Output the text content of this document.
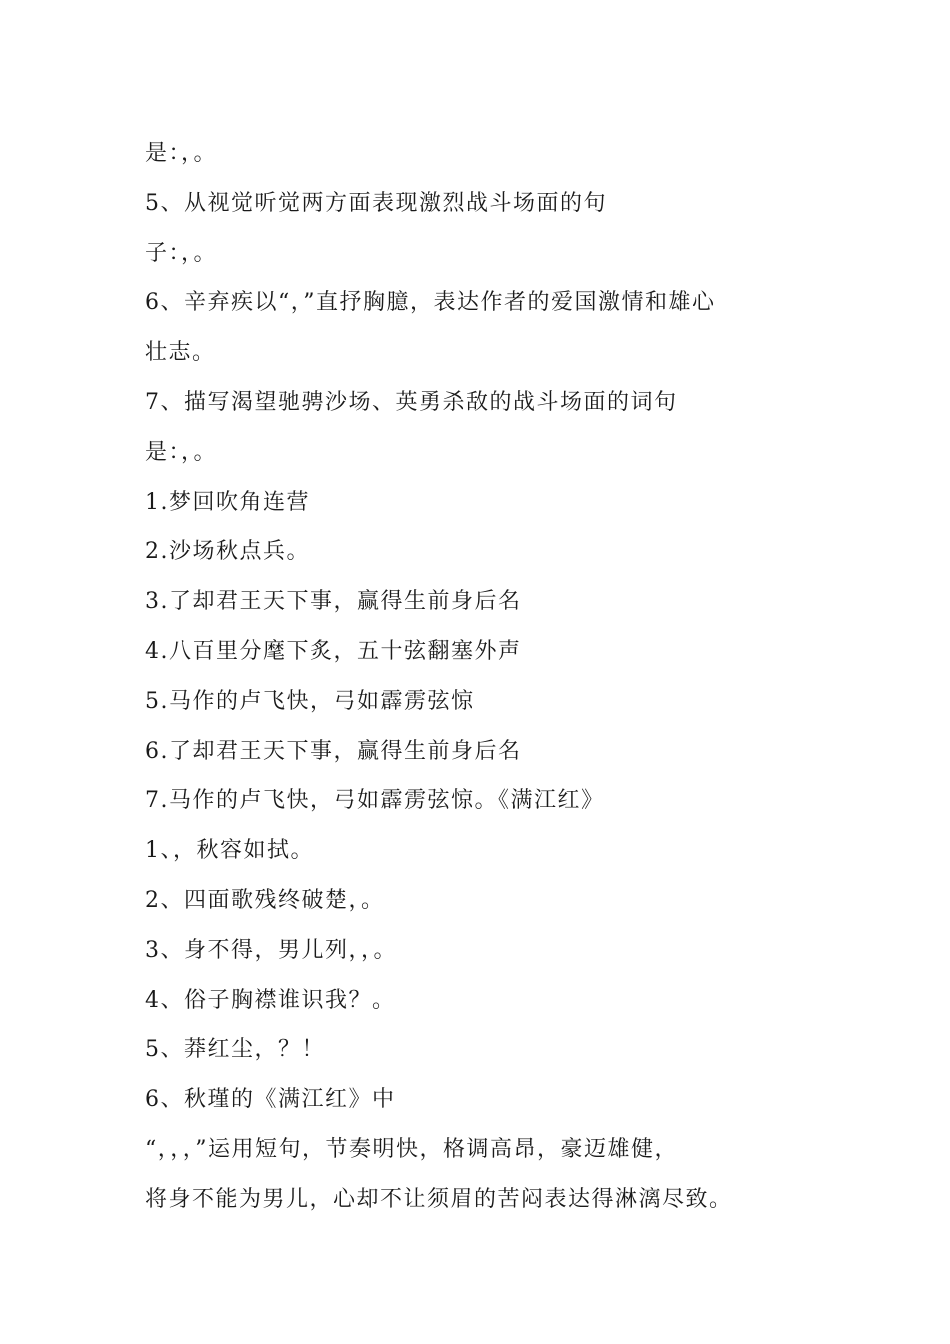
是：，。
5、从视觉听觉两方面表现激烈战斗场面的句
子：，。
6、辛弃疾以“，”直抒胸臆，表达作者的爱国激情和雄心
壮志。
7、描写渴望驰骋沙场、英勇杀敌的战斗场面的词句
是：，。
1.梦回吹角连营
2.沙场秋点兵。
3.了却君王天下事，赢得生前身后名
4.八百里分麾下炙，五十弦翻塞外声
5.马作的卢飞快，弓如霹雳弦惊
6.了却君王天下事，赢得生前身后名
7.马作的卢飞快，弓如霹雳弦惊。《满江红》
1、，秋容如拭。
2、四面歌残终破楚，。
3、身不得，男儿列，，。
4、俗子胸襟谁识我？。
5、莽红尘，？！
6、秋瑾的《满江红》中
“，，，”运用短句，节奏明快，格调高昂，豪迈雄健，
将身不能为男儿，心却不让须眉的苦闷表达得淋漓尽致。
